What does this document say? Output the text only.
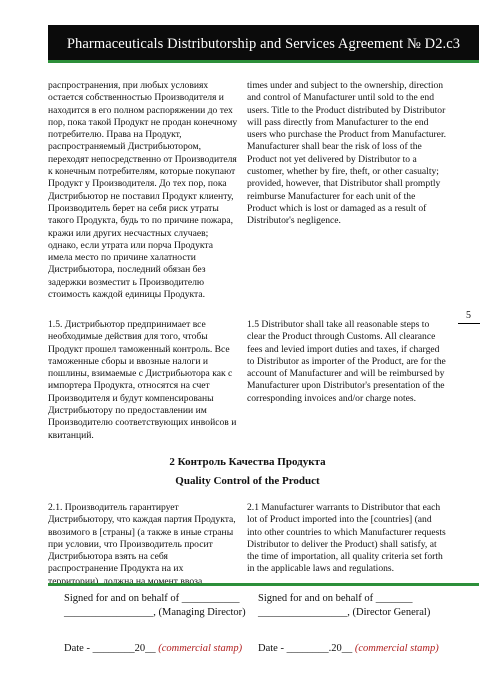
Pharmaceuticals Distributorship and Services Agreement № D2.c3
распространения, при любых условиях остается собственностью Производителя и находится в его полном распоряжении до тех пор, пока такой Продукт не продан конечному потребителю. Права на Продукт, распространяемый Дистрибьютором, переходят непосредственно от Производителя к конечным потребителям, которые покупают Продукт у Производителя. До тех пор, пока Дистрибьютор не поставил Продукт клиенту, Производитель берет на себя риск утраты такого Продукта, будь то по причине пожара, кражи или других несчастных случаев; однако, если утрата или порча Продукта имела место по причине халатности Дистрибьютора, последний обязан без задержки возместит ь Производителю стоимость каждой единицы Продукта.
times under and subject to the ownership, direction and control of Manufacturer until sold to the end users. Title to the Product distributed by Distributor will pass directly from Manufacturer to the end users who purchase the Product from Manufacturer. Manufacturer shall bear the risk of loss of the Product not yet delivered by Distributor to a customer, whether by fire, theft, or other casualty; provided, however, that Distributor shall promptly reimburse Manufacturer for each unit of the Product which is lost or damaged as a result of Distributor's negligence.
5
1.5. Дистрибьютор предпринимает все необходимые действия для того, чтобы Продукт прошел таможенный контроль. Все таможенные сборы и ввозные налоги и пошлины, взимаемые с Дистрибьютора как с импортера Продукта, относятся на счет Производителя и будут компенсированы Дистрибьютору по предоставлении им Производителю соответствующих инвойсов и квитанций.
1.5 Distributor shall take all reasonable steps to clear the Product through Customs. All clearance fees and levied import duties and taxes, if charged to Distributor as importer of the Product, are for the account of Manufacturer and will be reimbursed by Manufacturer upon Distributor's presentation of the corresponding invoices and/or charge notes.
2 Контроль Качества Продукта
Quality Control of the Product
2.1. Производитель гарантирует Дистрибьютору, что каждая партия Продукта, ввозимого в [страны] (а также в иные страны при условии, что Производитель просит Дистрибьютора взять на себя распространение Продукта на их территории), должна на момент ввоза
2.1 Manufacturer warrants to Distributor that each lot of Product imported into the [countries] (and into other countries to which Manufacturer requests Distributor to deliver the Product) shall satisfy, at the time of importation, all quality criteria set forth in the applicable laws and regulations.
Signed for and on behalf of ___________
_________________, (Managing Director)
Date - ________20__ (commercial stamp)
Signed for and on behalf of _______
_________________, (Director General)
Date - ________.20__ (commercial stamp)
